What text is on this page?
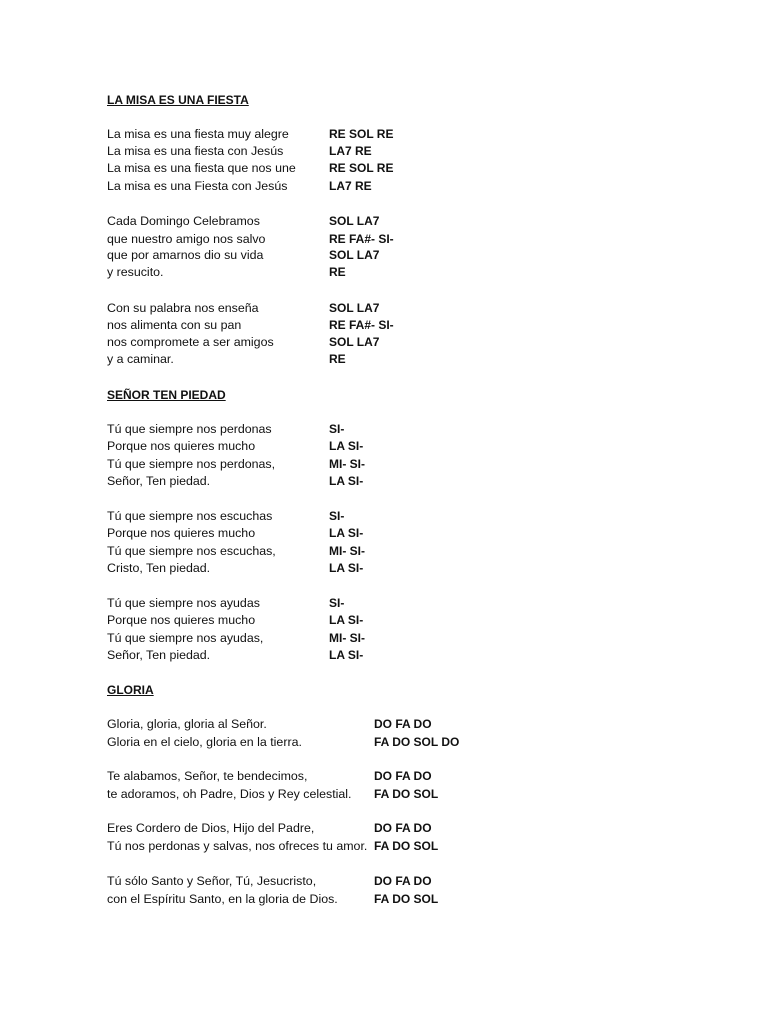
LA MISA ES UNA FIESTA
La misa es una fiesta muy alegre	RE SOL RE
La misa es una fiesta con Jesús	LA7 RE
La misa es una fiesta que nos une	RE SOL RE
La misa es una Fiesta con Jesús	LA7 RE
Cada Domingo Celebramos	SOL LA7
que nuestro amigo nos salvo	RE FA#- SI-
que por amarnos dio su vida	SOL LA7
y resucito.	RE
Con su palabra nos enseña	SOL LA7
nos alimenta con su pan	RE FA#- SI-
nos compromete a ser amigos	SOL LA7
y a caminar.	RE
SEÑOR TEN PIEDAD
Tú que siempre nos perdonas	SI-
Porque nos quieres mucho	LA SI-
Tú que siempre nos perdonas,	MI- SI-
Señor, Ten piedad.	LA SI-
Tú que siempre nos escuchas	SI-
Porque nos quieres mucho	LA SI-
Tú que siempre nos escuchas,	MI- SI-
Cristo, Ten piedad.	LA SI-
Tú que siempre nos ayudas	SI-
Porque nos quieres mucho	LA SI-
Tú que siempre nos ayudas,	MI- SI-
Señor, Ten piedad.	LA SI-
GLORIA
Gloria, gloria, gloria al Señor.	DO FA DO
Gloria en el cielo, gloria en la tierra.	FA DO SOL DO
Te alabamos, Señor, te bendecimos,	DO FA DO
te adoramos, oh Padre, Dios y Rey celestial. FA DO SOL
Eres Cordero de Dios, Hijo del Padre,	DO FA DO
Tú nos perdonas y salvas, nos ofreces tu amor. FA DO SOL
Tú sólo Santo y Señor, Tú, Jesucristo,	DO FA DO
con el Espíritu Santo, en la gloria de Dios.	FA DO SOL
